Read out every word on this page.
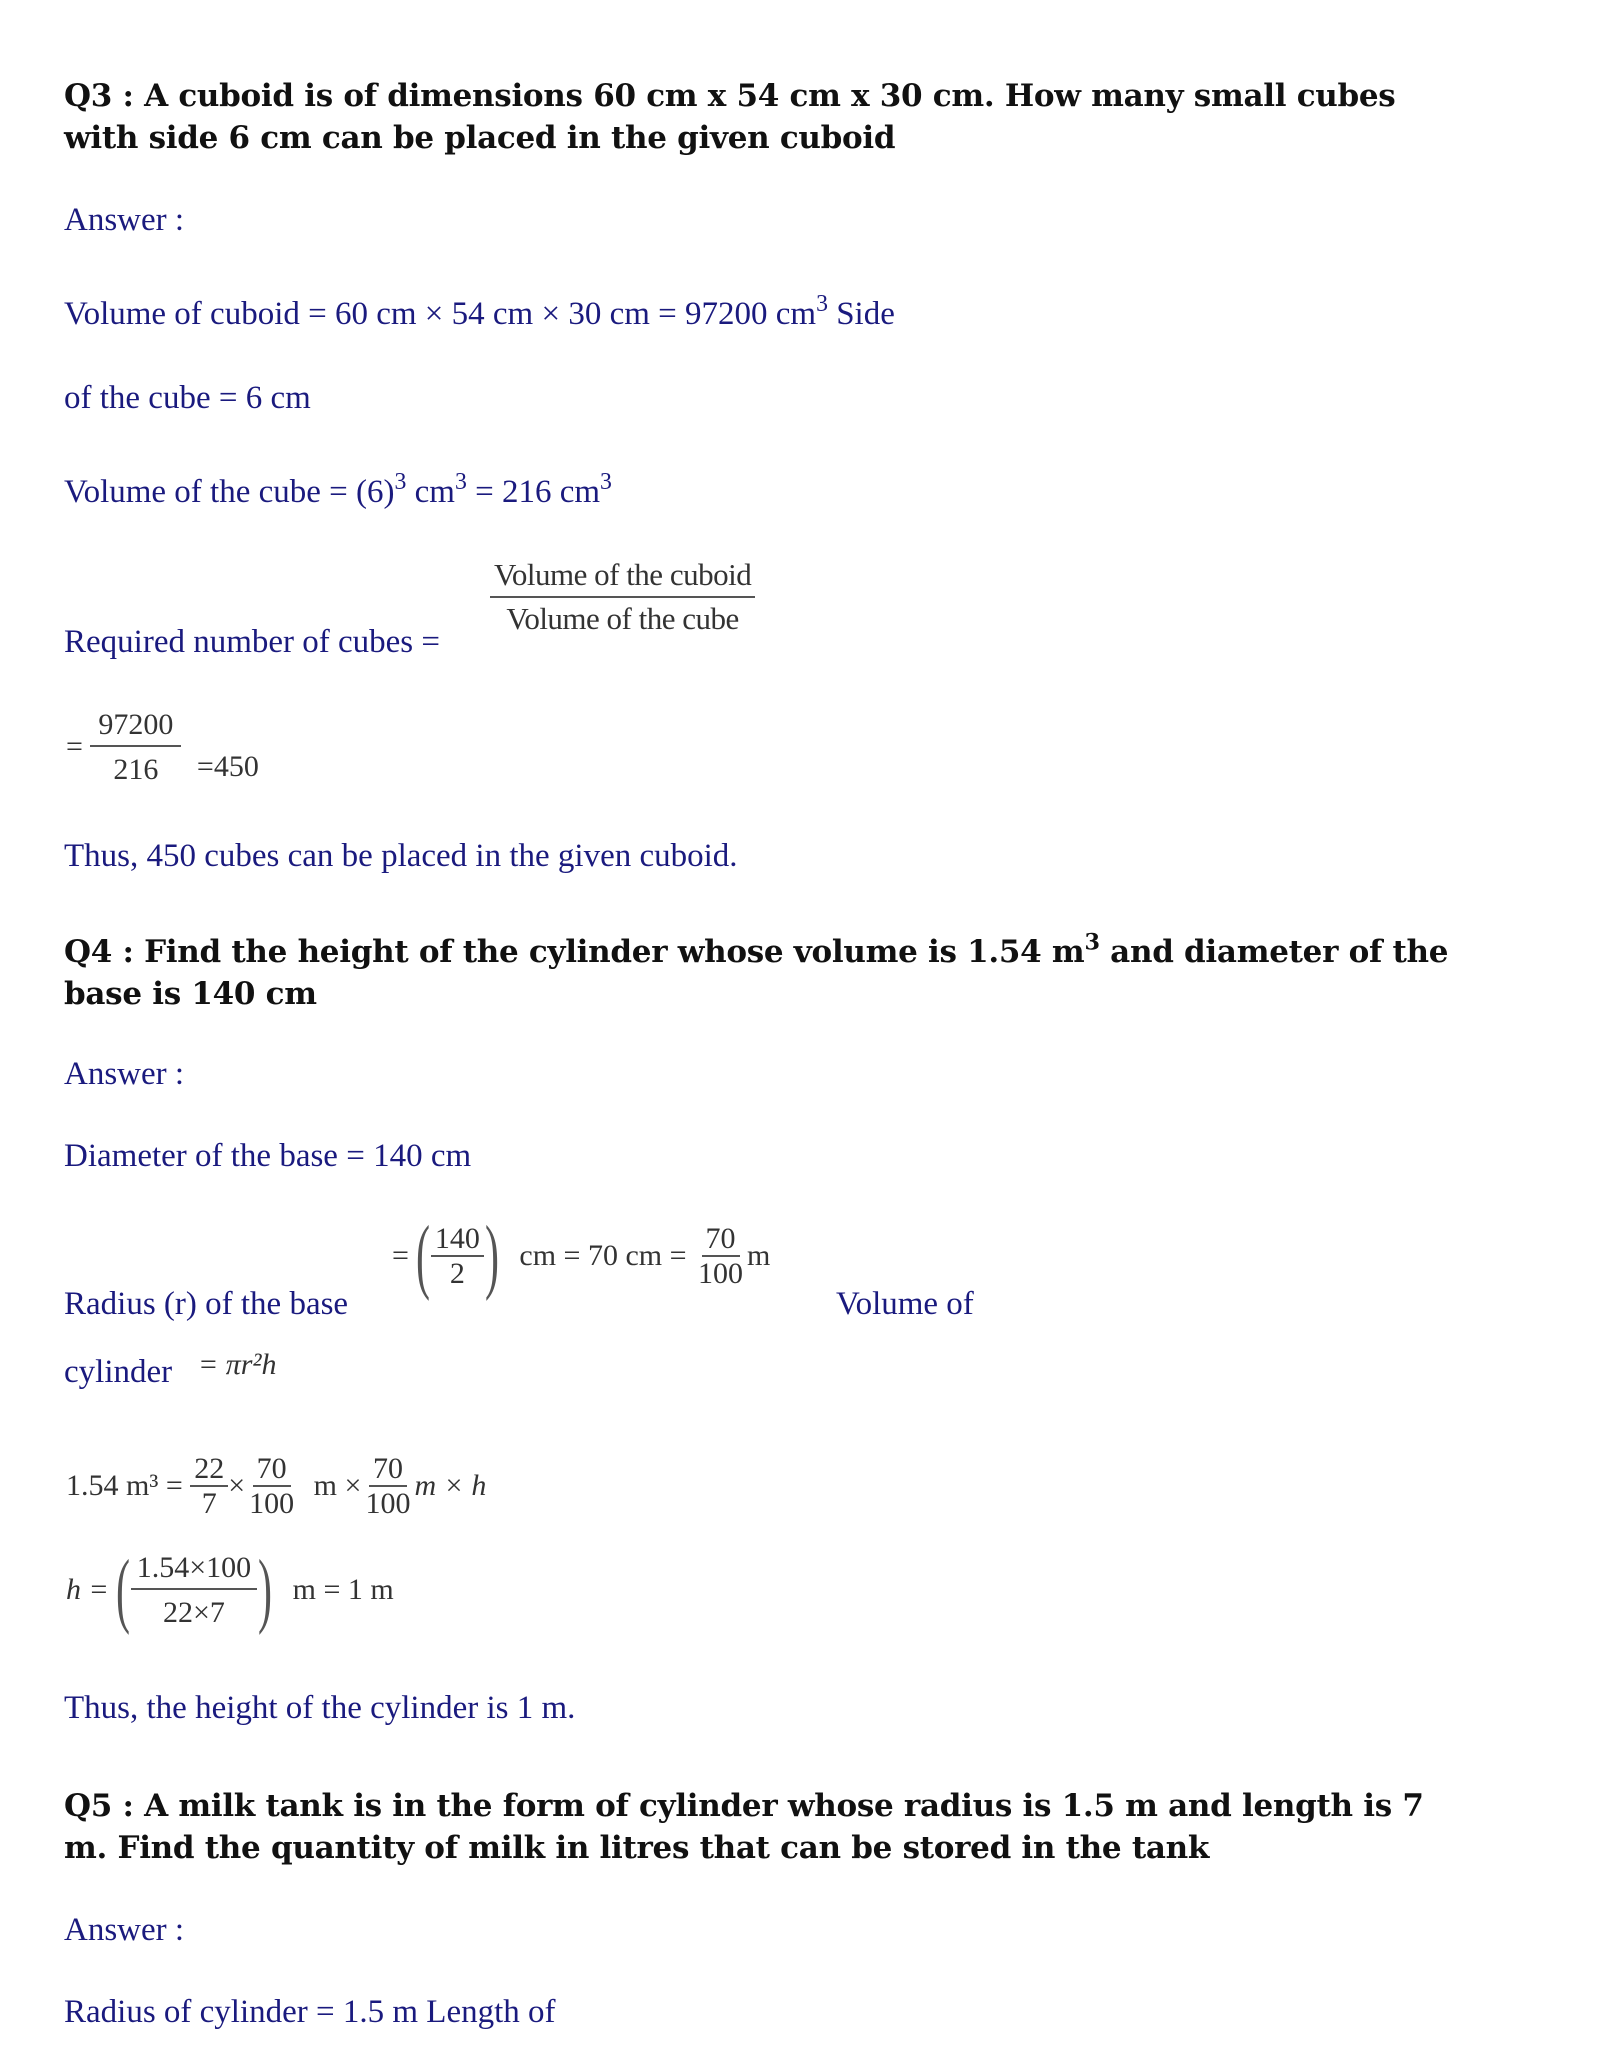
Q3 : A cuboid is of dimensions 60 cm x 54 cm x 30 cm. How many small cubes
with side 6 cm can be placed in the given cuboid
Answer :
Volume of cuboid = 60 cm × 54 cm × 30 cm = 97200 $cm^3$ Side
of the cube = 6 cm
Volume of the cube = $(6)^3$ $cm^3 = 216$ $cm^3$
$\frac{\text{Volume of the cuboid}}{\text{Volume of the cube}}$
Required number of cubes =
= $\frac{97200}{216} =450$
Thus, 450 cubes can be placed in the given cuboid.
Q4 : Find the height of the cylinder whose volume is 1.54 $m^3$ and diameter of the
base is 140 cm
Answer :
Diameter of the base = 140 cm
=( $\frac{140}{2}$ ) cm = 70 cm = $\frac{70}{100}$ m
Radius (r) of the base	Volume of
cylinder = πr²h
1.54 $m^3 = \frac{22}{7} \times \frac{70}{100}$ $m \times \frac{70}{100}$ m × h
h =( $\frac{1.54\times 100}{22\times 7}$ ) m = 1 m
Thus, the height of the cylinder is 1 m.
Q5 : A milk tank is in the form of cylinder whose radius is 1.5 m and length is 7
m. Find the quantity of milk in litres that can be stored in the tank
Answer :
Radius of cylinder = 1.5 m Length of
